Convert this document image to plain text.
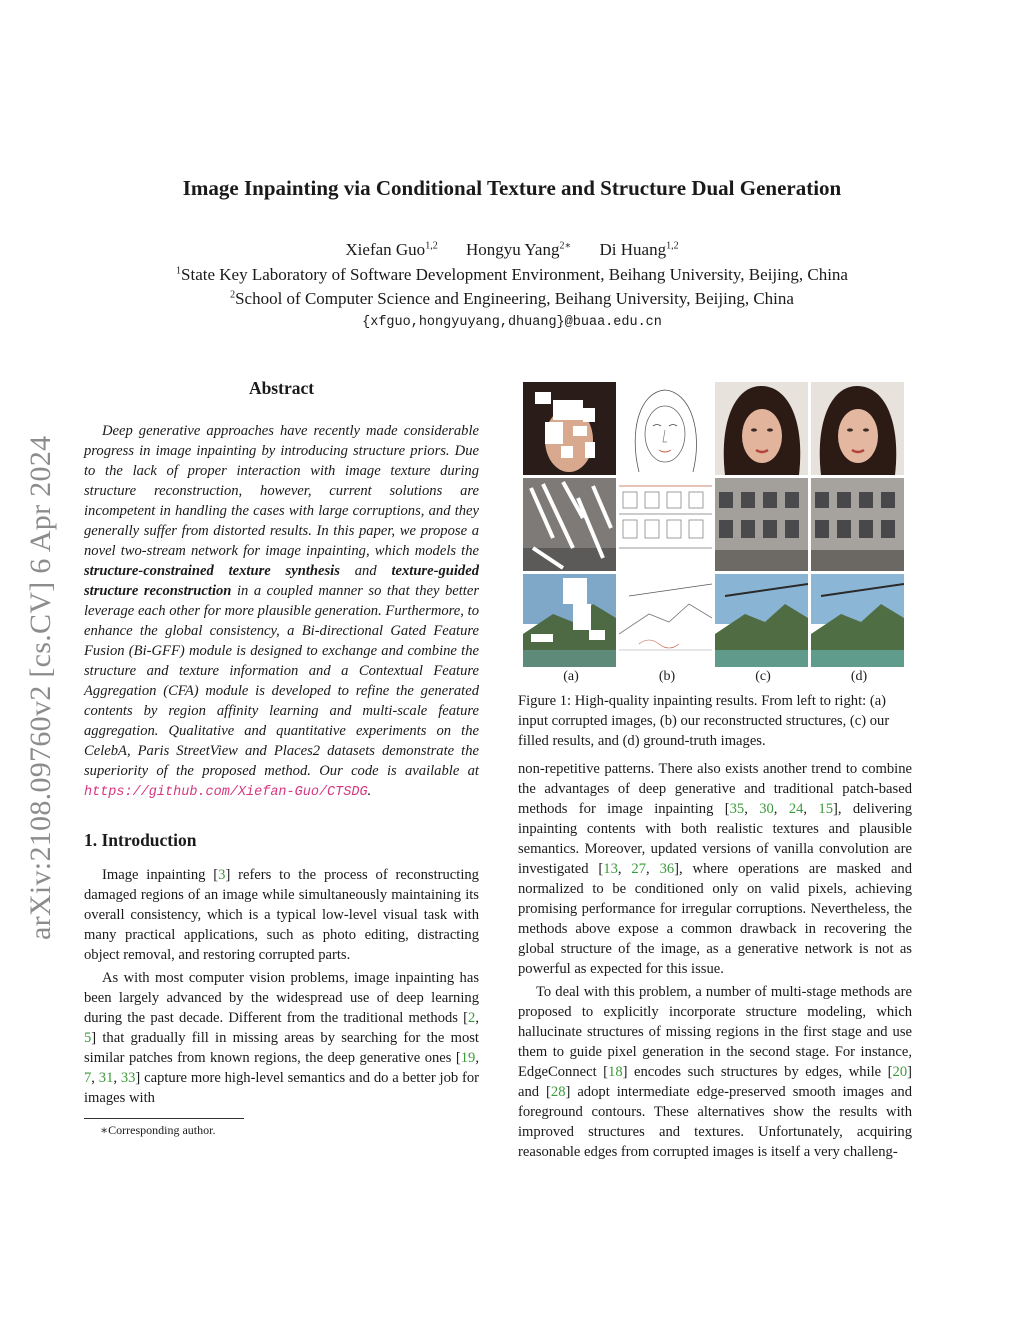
arXiv:2108.09760v2 [cs.CV] 6 Apr 2024
Image Inpainting via Conditional Texture and Structure Dual Generation
Xiefan Guo$^{1,2}$ Hongyu Yang$^{2∗}$ Di Huang$^{1,2}$
$^1$State Key Laboratory of Software Development Environment, Beihang University, Beijing, China
$^2$School of Computer Science and Engineering, Beihang University, Beijing, China
{xfguo,hongyuyang,dhuang}@buaa.edu.cn
Abstract

Deep generative approaches have recently made considerable progress in image inpainting by introducing structure priors. Due to the lack of proper interaction with image texture during structure reconstruction, however, current solutions are incompetent in handling the cases with large corruptions, and they generally suffer from distorted results. In this paper, we propose a novel two-stream network for image inpainting, which models the structure-constrained texture synthesis and texture-guided structure reconstruction in a coupled manner so that they better leverage each other for more plausible generation. Furthermore, to enhance the global consistency, a Bi-directional Gated Feature Fusion (Bi-GFF) module is designed to exchange and combine the structure and texture information and a Contextual Feature Aggregation (CFA) module is developed to refine the generated contents by region affinity learning and multi-scale feature aggregation. Qualitative and quantitative experiments on the CelebA, Paris StreetView and Places2 datasets demonstrate the superiority of the proposed method. Our code is available at https://github.com/Xiefan-Guo/CTSDG.

1. Introduction

Image inpainting [3] refers to the process of reconstructing damaged regions of an image while simultaneously maintaining its overall consistency, which is a typical low-level visual task with many practical applications, such as photo editing, distracting object removal, and restoring corrupted parts.

As with most computer vision problems, image inpainting has been largely advanced by the widespread use of deep learning during the past decade. Different from the traditional methods [2, 5] that gradually fill in missing areas by searching for the most similar patches from known regions, the deep generative ones [19, 7, 31, 33] capture more high-level semantics and do a better job for images with

∗Corresponding author.
(a)	(b)	(c)	(d)

Figure 1: High-quality inpainting results. From left to right: (a) input corrupted images, (b) our reconstructed structures, (c) our filled results, and (d) ground-truth images.

non-repetitive patterns. There also exists another trend to combine the advantages of deep generative and traditional patch-based methods for image inpainting [35, 30, 24, 15], delivering inpainting contents with both realistic textures and plausible semantics. Moreover, updated versions of vanilla convolution are investigated [13, 27, 36], where operations are masked and normalized to be conditioned only on valid pixels, achieving promising performance for irregular corruptions. Nevertheless, the methods above expose a common drawback in recovering the global structure of the image, as a generative network is not as powerful as expected for this issue.

To deal with this problem, a number of multi-stage methods are proposed to explicitly incorporate structure modeling, which hallucinate structures of missing regions in the first stage and use them to guide pixel generation in the second stage. For instance, EdgeConnect [18] encodes such structures by edges, while [20] and [28] adopt intermediate edge-preserved smooth images and foreground contours. These alternatives show the results with improved structures and textures. Unfortunately, acquiring reasonable edges from corrupted images is itself a very challeng-
